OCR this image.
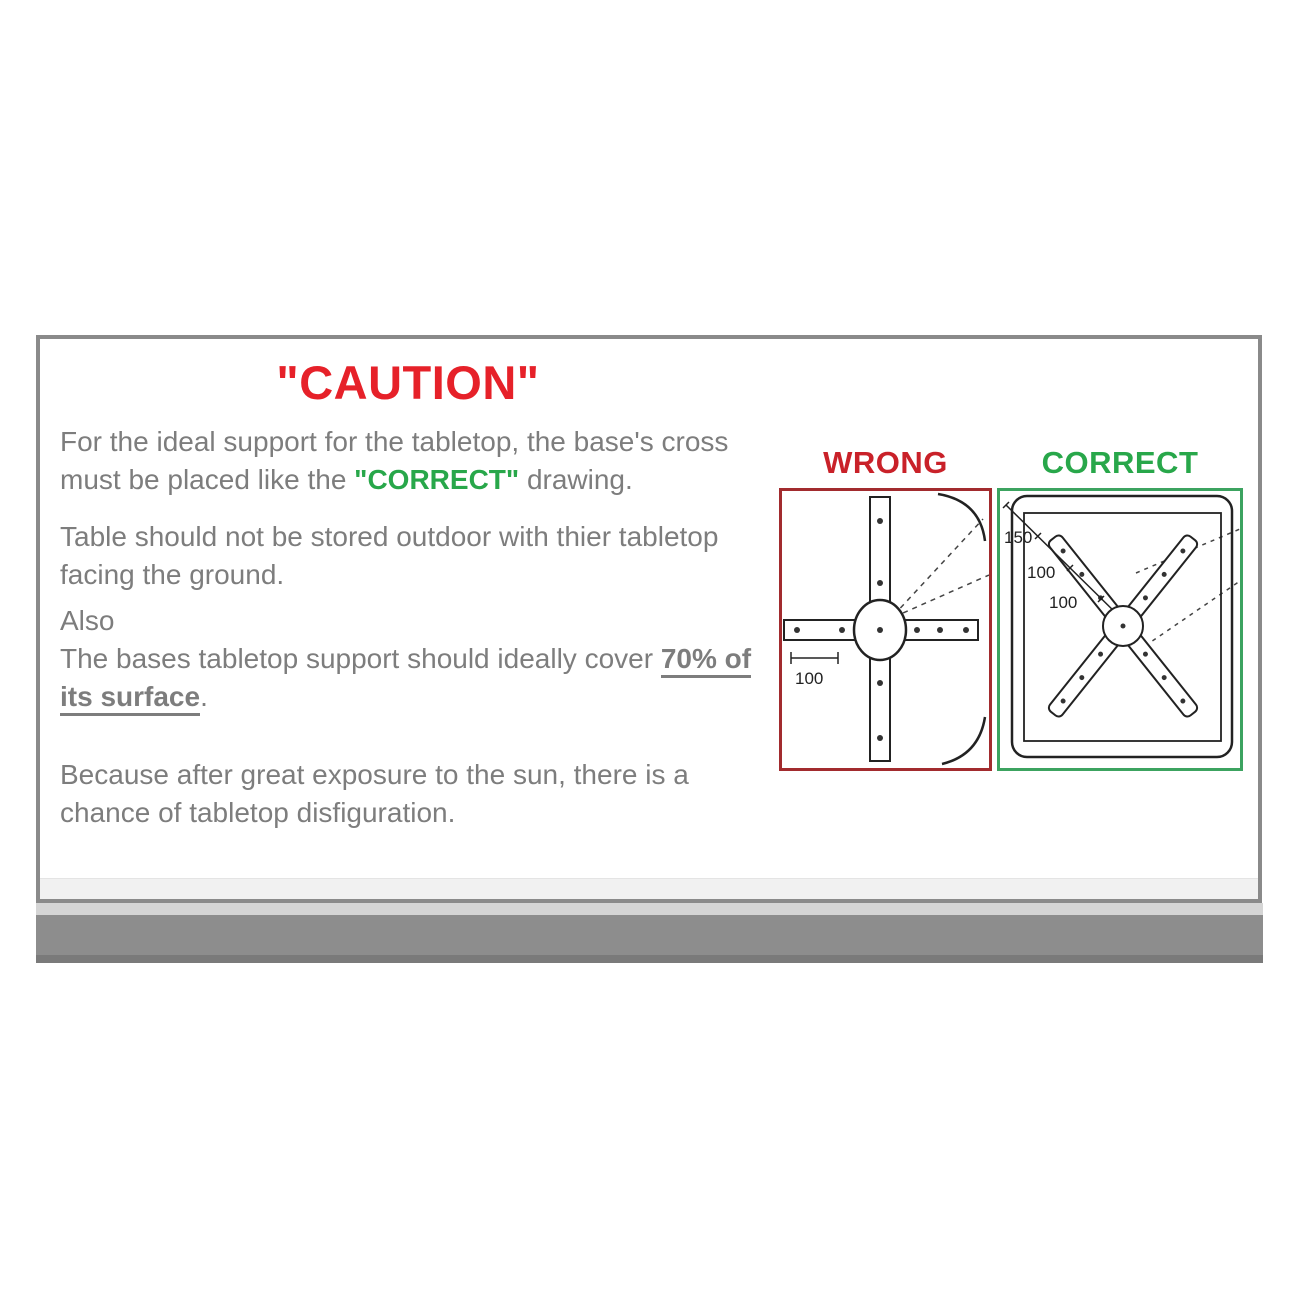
"CAUTION"

For the ideal support for the tabletop, the base's cross must be placed like the "CORRECT" drawing.

Table should not be stored outdoor with thier tabletop facing the ground.

Also

The bases tabletop support should ideally cover 70% of its surface.

Because after great exposure to the sun, there is a chance of tabletop disfiguration.

WRONG	CORRECT
100
150
100
100
